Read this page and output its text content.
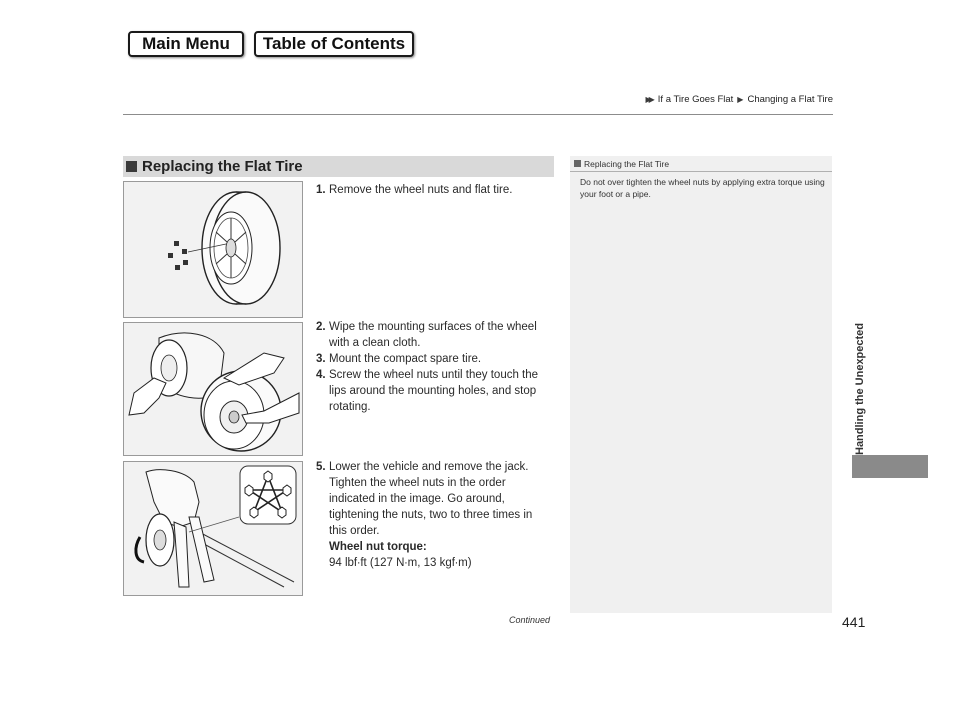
Main Menu	Table of Contents
▶▶ If a Tire Goes Flat ▶ Changing a Flat Tire
Handling the Unexpected
Replacing the Flat Tire	Replacing the Flat Tire
Do not over tighten the wheel nuts by applying extra torque using your foot or a pipe.
1. Remove the wheel nuts and flat tire.
2. Wipe the mounting surfaces of the wheel with a clean cloth.
3. Mount the compact spare tire.
4. Screw the wheel nuts until they touch the lips around the mounting holes, and stop rotating.
5. Lower the vehicle and remove the jack. Tighten the wheel nuts in the order indicated in the image. Go around, tightening the nuts, two to three times in this order.
Wheel nut torque:
94 lbf∙ft (127 N∙m, 13 kgf∙m)
Continued	441
